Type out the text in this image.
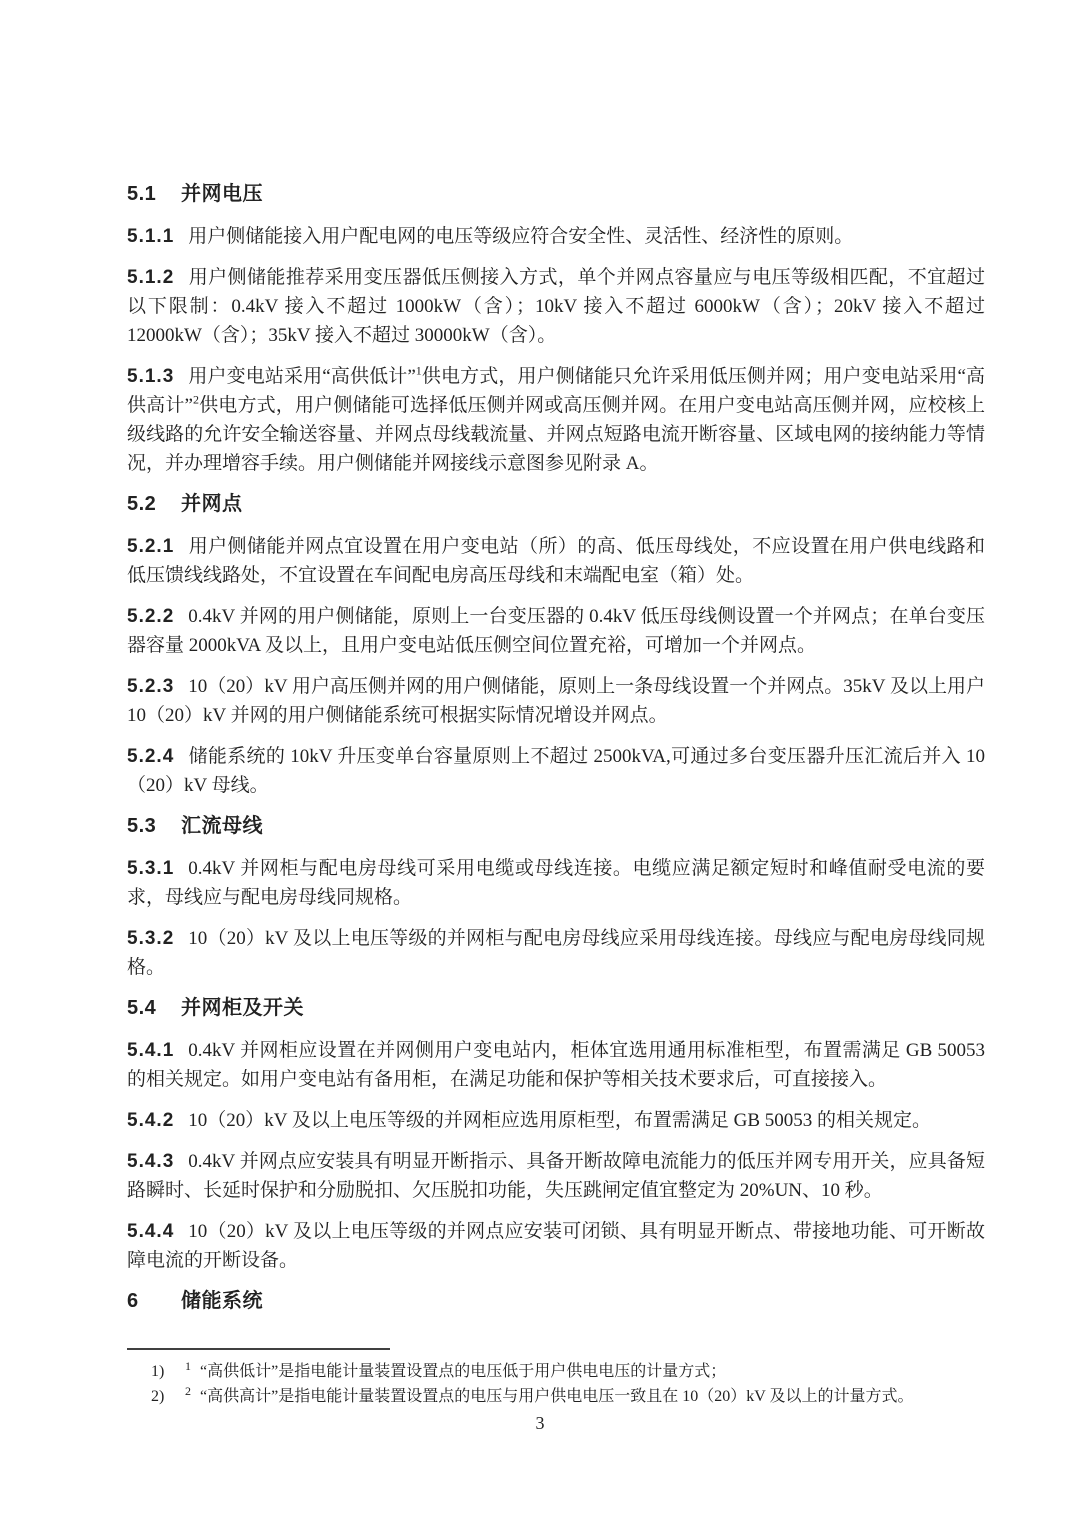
5.1 并网电压

5.1.1 用户侧储能接入用户配电网的电压等级应符合安全性、灵活性、经济性的原则。

5.1.2 用户侧储能推荐采用变压器低压侧接入方式，单个并网点容量应与电压等级相匹配，不宜超过以下限制：0.4kV 接入不超过 1000kW（含）；10kV 接入不超过 6000kW（含）；20kV 接入不超过 12000kW（含）；35kV 接入不超过 30000kW（含）。

5.1.3 用户变电站采用“高供低计”$^1$供电方式，用户侧储能只允许采用低压侧并网；用户变电站采用“高供高计”$^2$供电方式，用户侧储能可选择低压侧并网或高压侧并网。在用户变电站高压侧并网，应校核上级线路的允许安全输送容量、并网点母线载流量、并网点短路电流开断容量、区域电网的接纳能力等情况，并办理增容手续。用户侧储能并网接线示意图参见附录 A。

5.2 并网点

5.2.1 用户侧储能并网点宜设置在用户变电站（所）的高、低压母线处，不应设置在用户供电线路和低压馈线线路处，不宜设置在车间配电房高压母线和末端配电室（箱）处。

5.2.2 0.4kV 并网的用户侧储能，原则上一台变压器的 0.4kV 低压母线侧设置一个并网点；在单台变压器容量 2000kVA 及以上，且用户变电站低压侧空间位置充裕，可增加一个并网点。

5.2.3 10（20）kV 用户高压侧并网的用户侧储能，原则上一条母线设置一个并网点。35kV 及以上用户 10（20）kV 并网的用户侧储能系统可根据实际情况增设并网点。

5.2.4 储能系统的 10kV 升压变单台容量原则上不超过 2500kVA,可通过多台变压器升压汇流后并入 10（20）kV 母线。

5.3 汇流母线

5.3.1 0.4kV 并网柜与配电房母线可采用电缆或母线连接。电缆应满足额定短时和峰值耐受电流的要求，母线应与配电房母线同规格。

5.3.2 10（20）kV 及以上电压等级的并网柜与配电房母线应采用母线连接。母线应与配电房母线同规格。

5.4 并网柜及开关

5.4.1 0.4kV 并网柜应设置在并网侧用户变电站内，柜体宜选用通用标准柜型，布置需满足 GB 50053 的相关规定。如用户变电站有备用柜，在满足功能和保护等相关技术要求后，可直接接入。

5.4.2 10（20）kV 及以上电压等级的并网柜应选用原柜型，布置需满足 GB 50053 的相关规定。

5.4.3 0.4kV 并网点应安装具有明显开断指示、具备开断故障电流能力的低压并网专用开关，应具备短路瞬时、长延时保护和分励脱扣、欠压脱扣功能，失压跳闸定值宜整定为 20%UN、10 秒。

5.4.4 10（20）kV 及以上电压等级的并网点应安装可闭锁、具有明显开断点、带接地功能、可开断故障电流的开断设备。

6 储能系统
1) $^1$ “高供低计”是指电能计量装置设置点的电压低于用户供电电压的计量方式；
2) $^2$ “高供高计”是指电能计量装置设置点的电压与用户供电电压一致且在 10（20）kV 及以上的计量方式。
3
